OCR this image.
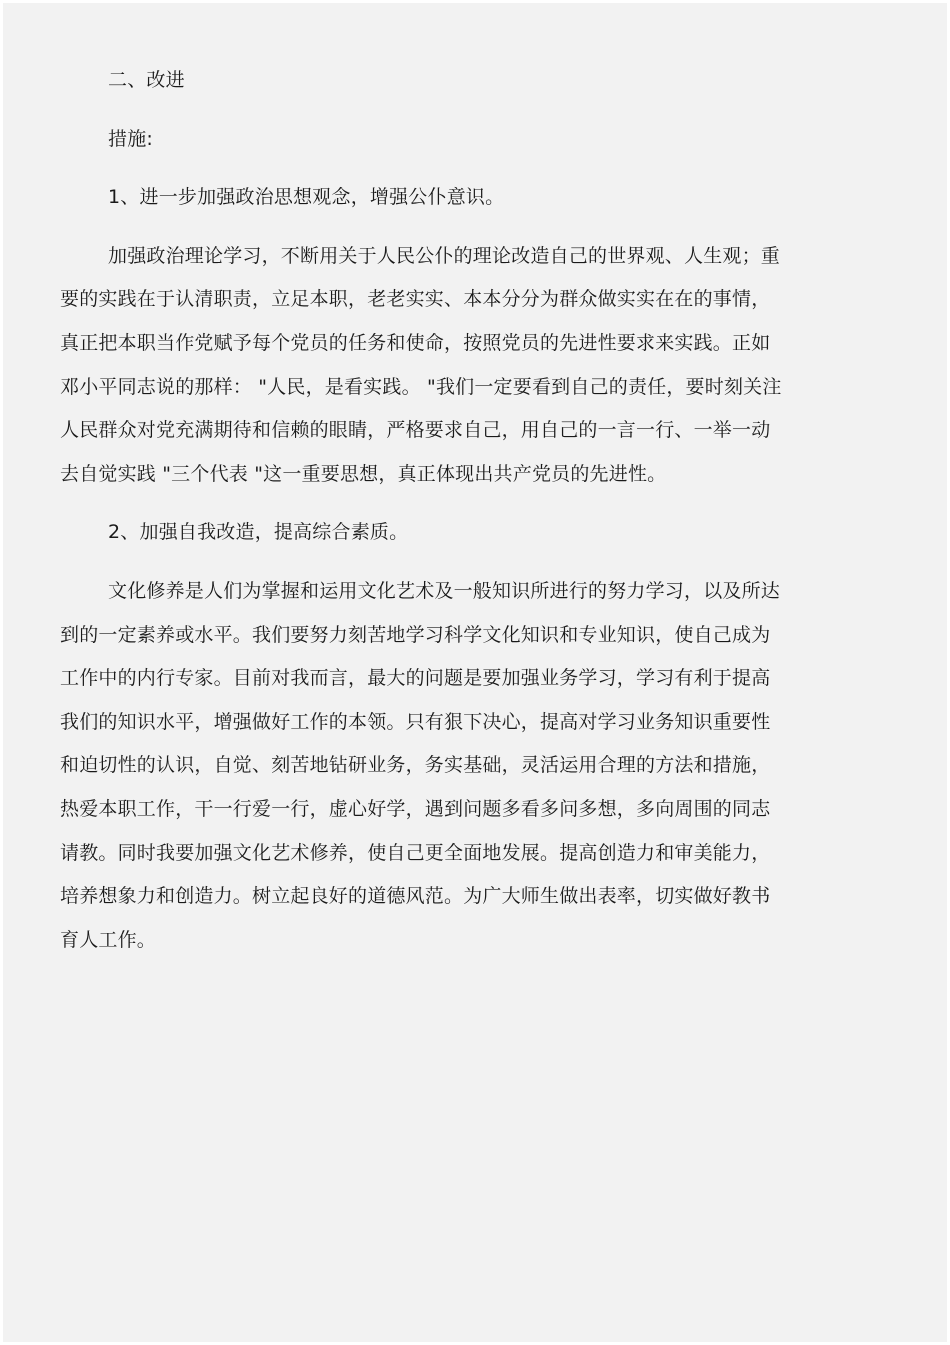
二、改进

措施:

1、进一步加强政治思想观念，增强公仆意识。

加强政治理论学习，不断用关于人民公仆的理论改造自己的世界观、人生观；重
要的实践在于认清职责，立足本职，老老实实、本本分分为群众做实实在在的事情，
真正把本职当作党赋予每个党员的任务和使命，按照党员的先进性要求来实践。正如
邓小平同志说的那样： "人民，是看实践。 "我们一定要看到自己的责任，要时刻关注
人民群众对党充满期待和信赖的眼睛，严格要求自己，用自己的一言一行、一举一动
去自觉实践 "三个代表 "这一重要思想，真正体现出共产党员的先进性。

2、加强自我改造，提高综合素质。

文化修养是人们为掌握和运用文化艺术及一般知识所进行的努力学习，以及所达
到的一定素养或水平。我们要努力刻苦地学习科学文化知识和专业知识，使自己成为
工作中的内行专家。目前对我而言，最大的问题是要加强业务学习，学习有利于提高
我们的知识水平，增强做好工作的本领。只有狠下决心，提高对学习业务知识重要性
和迫切性的认识，自觉、刻苦地钻研业务，务实基础，灵活运用合理的方法和措施，
热爱本职工作，干一行爱一行，虚心好学，遇到问题多看多问多想，多向周围的同志
请教。同时我要加强文化艺术修养，使自己更全面地发展。提高创造力和审美能力，
培养想象力和创造力。树立起良好的道德风范。为广大师生做出表率，切实做好教书
育人工作。
